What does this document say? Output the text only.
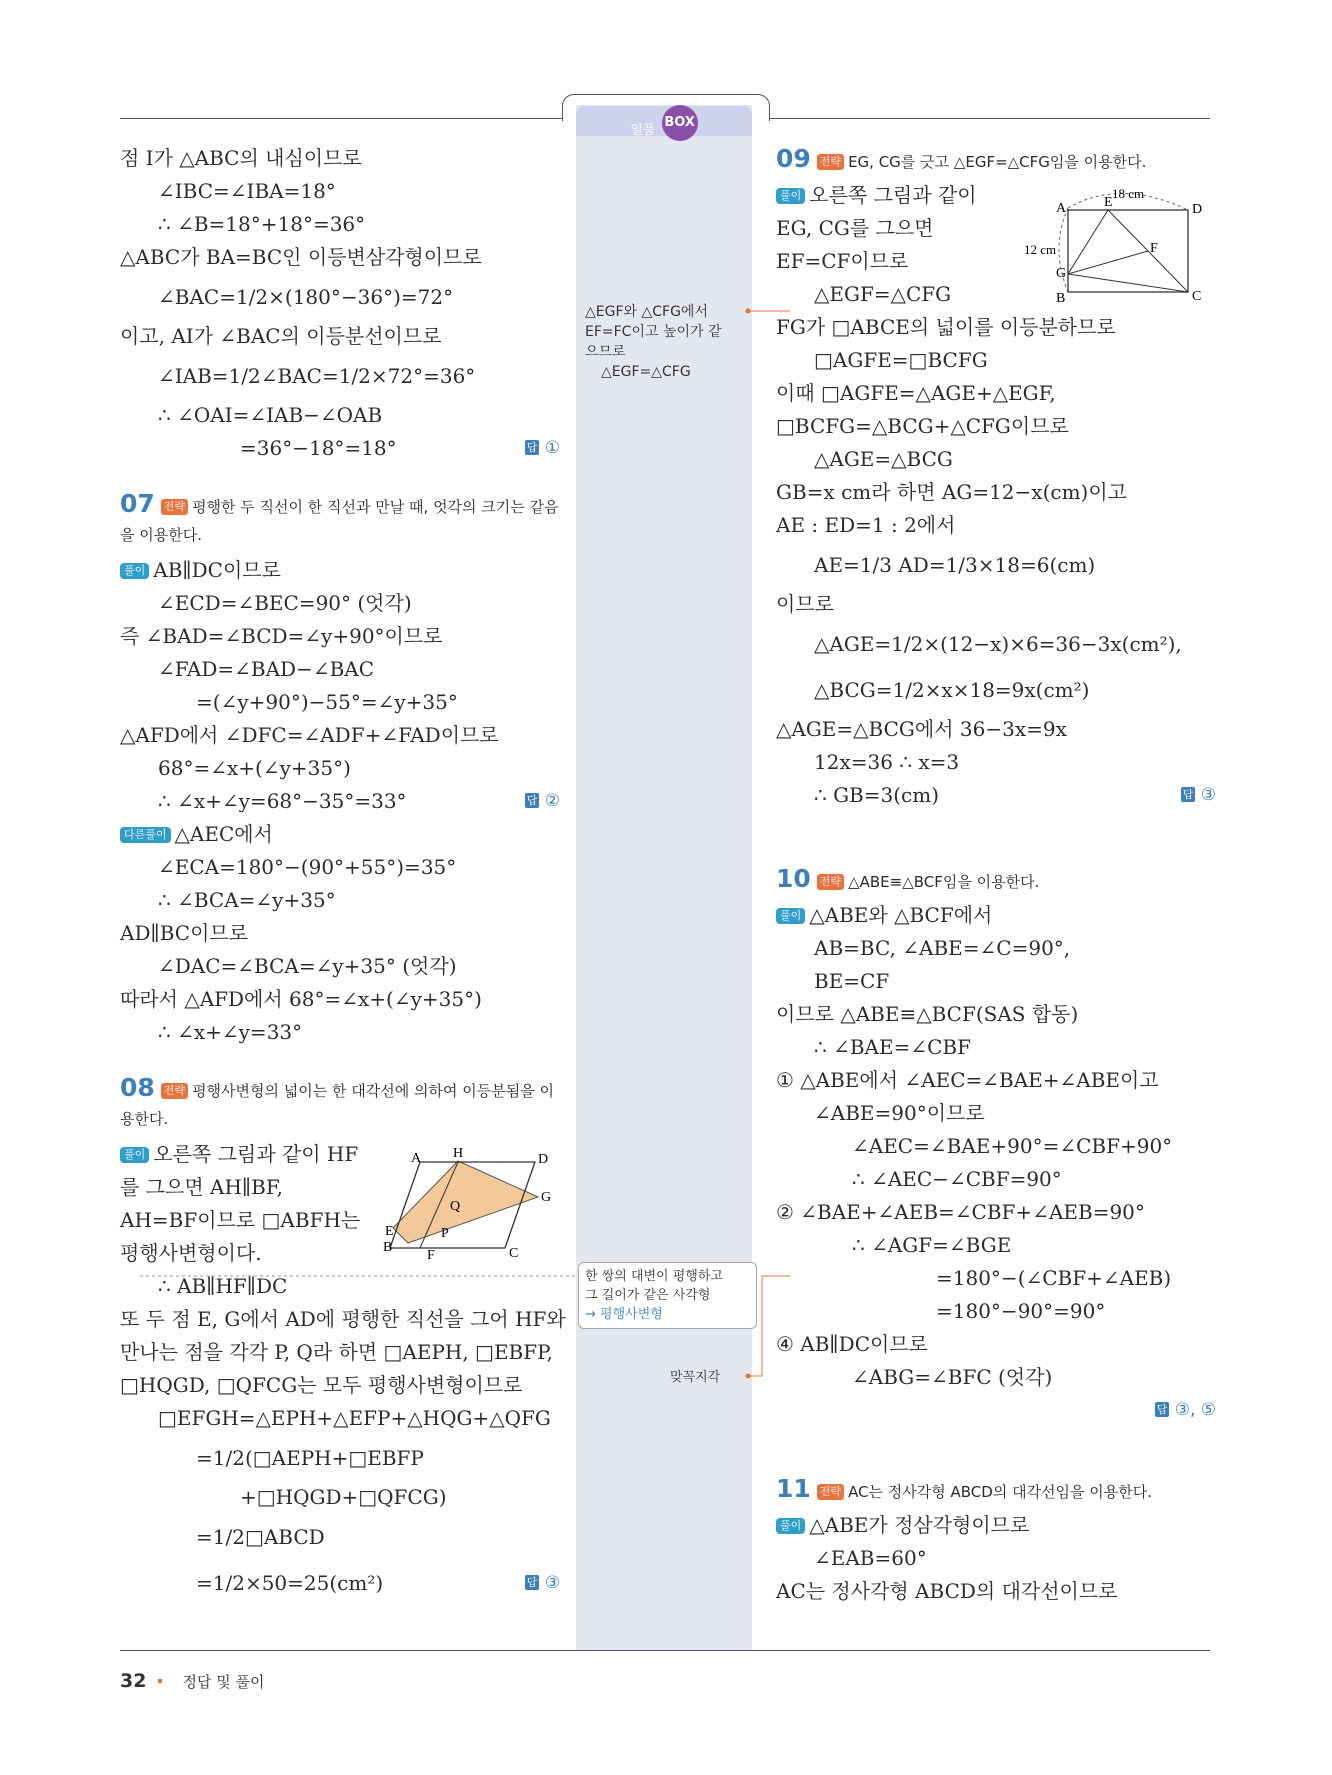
일품 BOX
점 I가 △ABC의 내심이므로
∠IBC=∠IBA=18°
∴ ∠B=18°+18°=36°
△ABC가 BA=BC인 이등변삼각형이므로
∠BAC=1/2×(180°−36°)=72°
이고, AI가 ∠BAC의 이등분선이므로
∠IAB=1/2∠BAC=1/2×72°=36°
∴ ∠OAI=∠IAB−∠OAB
=36°−18°=18°	답 ①
07 전략 평행한 두 직선이 한 직선과 만날 때, 엇각의 크기는 같음을 이용한다.
풀이 AB∥DC이므로
∠ECD=∠BEC=90° (엇각)
즉 ∠BAD=∠BCD=∠y+90°이므로
∠FAD=∠BAD−∠BAC
=(∠y+90°)−55°=∠y+35°
△AFD에서 ∠DFC=∠ADF+∠FAD이므로
68°=∠x+(∠y+35°)
∴ ∠x+∠y=68°−35°=33°	답 ②
다른풀이 △AEC에서
∠ECA=180°−(90°+55°)=35°
∴ ∠BCA=∠y+35°
AD∥BC이므로
∠DAC=∠BCA=∠y+35° (엇각)
따라서 △AFD에서 68°=∠x+(∠y+35°)
∴ ∠x+∠y=33°
08 전략 평행사변형의 넓이는 한 대각선에 의하여 이등분됨을 이용한다.
풀이 오른쪽 그림과 같이 HF
를 그으면 AH∥BF,
AH=BF이므로 □ABFH는
평행사변형이다.
∴ AB∥HF∥DC
또 두 점 E, G에서 AD에 평행한 직선을 그어 HF와
만나는 점을 각각 P, Q라 하면 □AEPH, □EBFP,
□HQGD, □QFCG는 모두 평행사변형이므로
□EFGH=△EPH+△EFP+△HQG+△QFG
=1/2(□AEPH+□EBFP
+□HQGD+□QFCG)
=1/2□ABCD
=1/2×50=25(cm²)	답 ③
A H	D
G
Q
E
B
P
F	C
△EGF와 △CFG에서
EF=FC이고 높이가 같
으므로
△EGF=△CFG
한 쌍의 대변이 평행하고
그 길이가 같은 사각형
→ 평행사변형
맞꼭지각
09 전략 EG, CG를 긋고 △EGF=△CFG임을 이용한다.
풀이 오른쪽 그림과 같이
EG, CG를 그으면
EF=CF이므로
△EGF=△CFG
FG가 □ABCE의 넓이를 이등분하므로
□AGFE=□BCFG
이때 □AGFE=△AGE+△EGF,
□BCFG=△BCG+△CFG이므로
△AGE=△BCG
GB=x cm라 하면 AG=12−x(cm)이고
AE : ED=1 : 2에서
AE=1/3 AD=1/3×18=6(cm)
이므로
△AGE=1/2×(12−x)×6=36−3x(cm²),
△BCG=1/2×x×18=9x(cm²)
△AGE=△BCG에서 36−3x=9x
12x=36 ∴ x=3
∴ GB=3(cm)	답 ③
10 전략 △ABE≡△BCF임을 이용한다.
풀이 △ABE와 △BCF에서
AB=BC, ∠ABE=∠C=90°,
BE=CF
이므로 △ABE≡△BCF(SAS 합동)
∴ ∠BAE=∠CBF
① △ABE에서 ∠AEC=∠BAE+∠ABE이고
∠ABE=90°이므로
∠AEC=∠BAE+90°=∠CBF+90°
∴ ∠AEC−∠CBF=90°
② ∠BAE+∠AEB=∠CBF+∠AEB=90°
∴ ∠AGF=∠BGE
=180°−(∠CBF+∠AEB)
=180°−90°=90°
④ AB∥DC이므로
∠ABG=∠BFC (엇각)
답 ③, ⑤
11 전략 AC는 정사각형 ABCD의 대각선임을 이용한다.
풀이 △ABE가 정삼각형이므로
∠EAB=60°
AC는 정사각형 ABCD의 대각선이므로
18 cm
A	E	D
12 cm
G
F
B	C
32 정답 및 풀이
